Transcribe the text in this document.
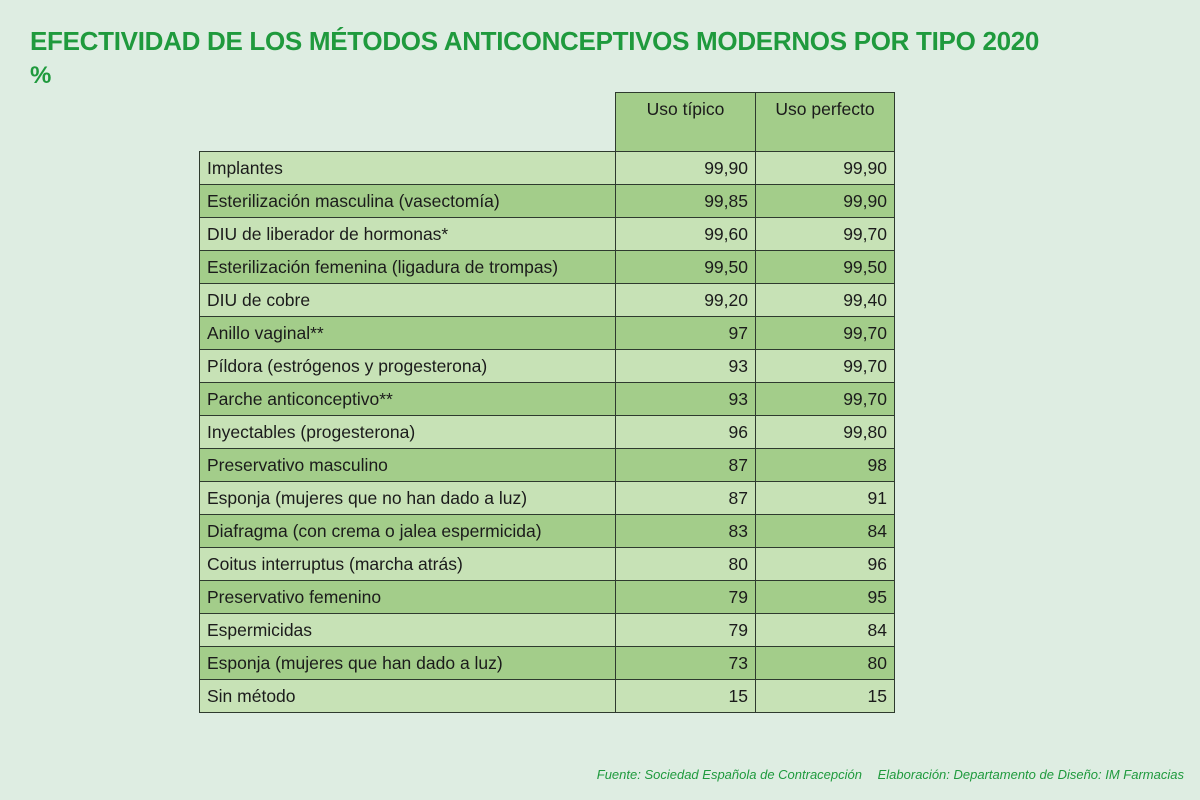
EFECTIVIDAD DE LOS MÉTODOS ANTICONCEPTIVOS MODERNOS POR TIPO 2020
%
	Uso típico	Uso perfecto
Implantes	99,90	99,90
Esterilización masculina (vasectomía)	99,85	99,90
DIU de liberador de hormonas*	99,60	99,70
Esterilización femenina (ligadura de trompas)	99,50	99,50
DIU de cobre	99,20	99,40
Anillo vaginal**	97	99,70
Píldora (estrógenos y progesterona)	93	99,70
Parche anticonceptivo**	93	99,70
Inyectables (progesterona)	96	99,80
Preservativo masculino	87	98
Esponja (mujeres que no han dado a luz)	87	91
Diafragma (con crema o jalea espermicida)	83	84
Coitus interruptus (marcha atrás)	80	96
Preservativo femenino	79	95
Espermicidas	79	84
Esponja (mujeres que han dado a luz)	73	80
Sin método	15	15
Fuente: Sociedad Española de Contracepción Elaboración: Departamento de Diseño: IM Farmacias
